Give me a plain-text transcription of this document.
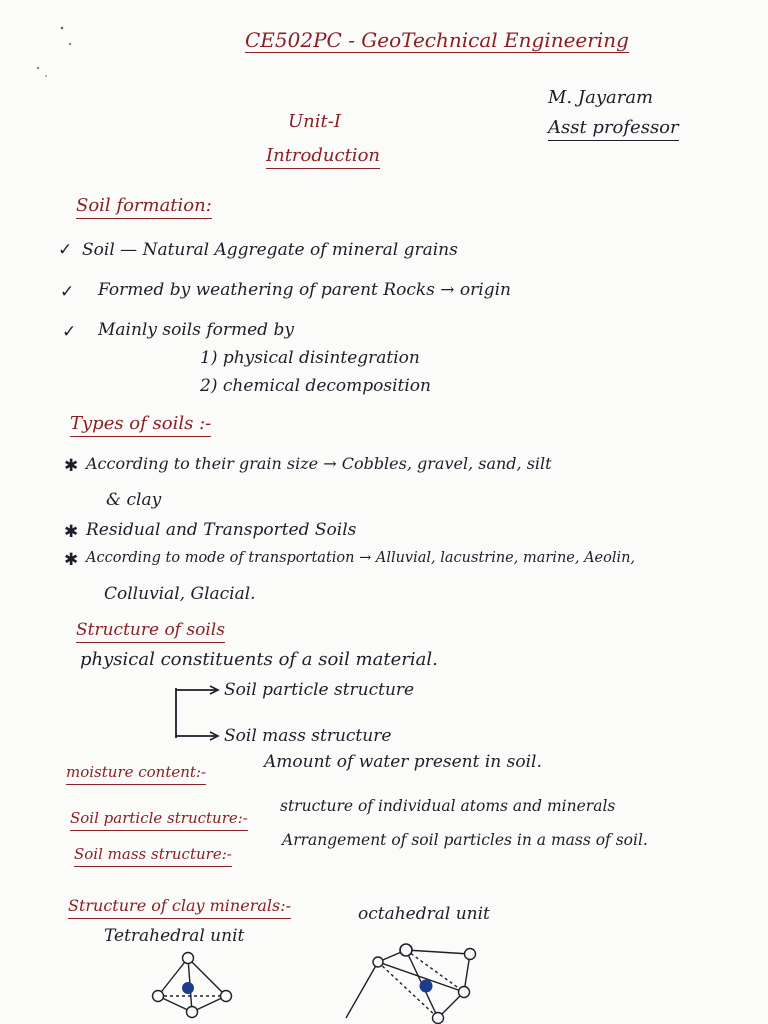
CE502PC - GeoTechnical Engineering
M. Jayaram
Asst professor
Unit-I
Introduction
Soil formation:
✓ Soil — Natural Aggregate of mineral grains
✓ Formed by weathering of parent Rocks → origin
✓ Mainly soils formed by
1) physical disintegration
2) chemical decomposition
Types of soils :-
✱ According to their grain size → Cobbles, gravel, sand, silt
& clay
✱ Residual and Transported Soils
✱ According to mode of transportation → Alluvial, lacustrine, marine, Aeolin,
Colluvial, Glacial.
Structure of soils
physical constituents of a soil material.
Soil particle structure
Soil mass structure
moisture content:-	Amount of water present in soil.
Soil particle structure:-
structure of individual atoms and minerals
Soil mass structure:-
Arrangement of soil particles in a mass of soil.
Structure of clay minerals:-
Tetrahedral unit
octahedral unit
